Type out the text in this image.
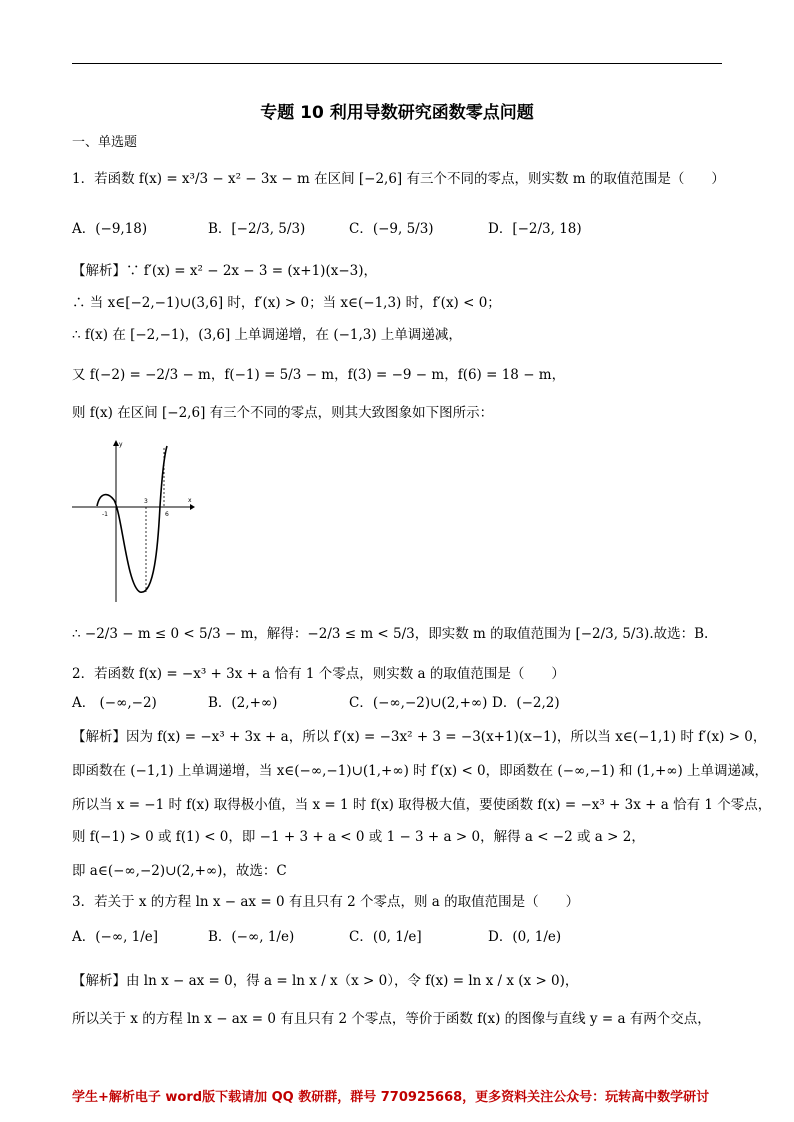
专题 10 利用导数研究函数零点问题
一、单选题
1．若函数 f(x) = x³/3 − x² − 3x − m 在区间 [−2,6] 有三个不同的零点，则实数 m 的取值范围是（　　）
A．(−9,18)	B．[−2/3, 5/3)	C．(−9, 5/3)	D．[−2/3, 18)
【解析】∵ f′(x) = x² − 2x − 3 = (x+1)(x−3)，
∴ 当 x∈[−2,−1)∪(3,6] 时，f′(x) > 0；当 x∈(−1,3) 时，f′(x) < 0；
∴ f(x) 在 [−2,−1)，(3,6] 上单调递增，在 (−1,3) 上单调递减，
又 f(−2) = −2/3 − m，f(−1) = 5/3 − m，f(3) = −9 − m，f(6) = 18 − m，
则 f(x) 在区间 [−2,6] 有三个不同的零点，则其大致图象如下图所示：
-1
3
6
y
x
∴ −2/3 − m ≤ 0 < 5/3 − m，解得：−2/3 ≤ m < 5/3，即实数 m 的取值范围为 [−2/3, 5/3).故选：B.
2．若函数 f(x) = −x³ + 3x + a 恰有 1 个零点，则实数 a 的取值范围是（　　）
A． (−∞,−2)	B．(2,+∞)	C．(−∞,−2)∪(2,+∞) D．(−2,2)
【解析】因为 f(x) = −x³ + 3x + a，所以 f′(x) = −3x² + 3 = −3(x+1)(x−1)，所以当 x∈(−1,1) 时 f′(x) > 0，
即函数在 (−1,1) 上单调递增，当 x∈(−∞,−1)∪(1,+∞) 时 f′(x) < 0，即函数在 (−∞,−1) 和 (1,+∞) 上单调递减，
所以当 x = −1 时 f(x) 取得极小值，当 x = 1 时 f(x) 取得极大值，要使函数 f(x) = −x³ + 3x + a 恰有 1 个零点，
则 f(−1) > 0 或 f(1) < 0，即 −1 + 3 + a < 0 或 1 − 3 + a > 0，解得 a < −2 或 a > 2，
即 a∈(−∞,−2)∪(2,+∞)，故选：C
3．若关于 x 的方程 ln x − ax = 0 有且只有 2 个零点，则 a 的取值范围是（　　）
A．(−∞, 1/e]	B．(−∞, 1/e)	C．(0, 1/e]	D．(0, 1/e)
【解析】由 ln x − ax = 0，得 a = ln x / x（x > 0），令 f(x) = ln x / x (x > 0)，
所以关于 x 的方程 ln x − ax = 0 有且只有 2 个零点，等价于函数 f(x) 的图像与直线 y = a 有两个交点，
学生+解析电子 word版下载请加 QQ 教研群，群号 770925668，更多资料关注公众号：玩转高中数学研讨
